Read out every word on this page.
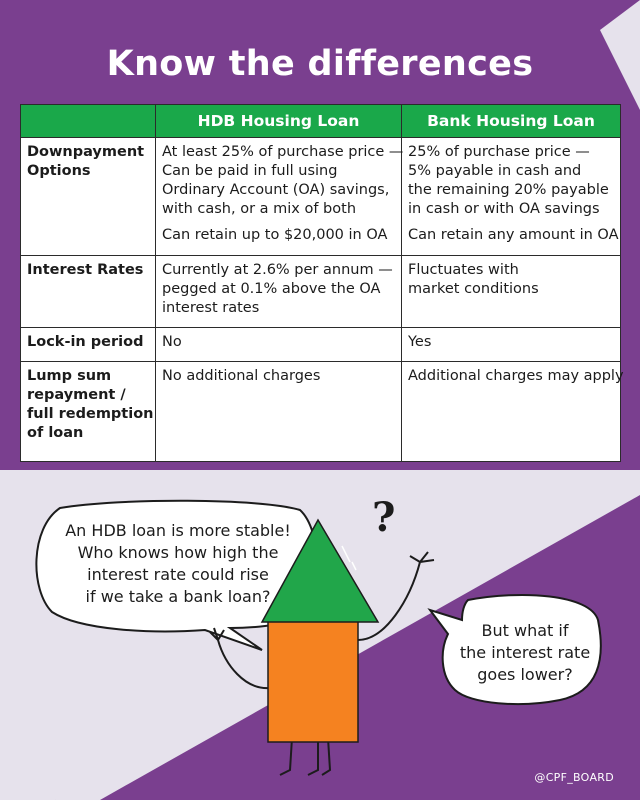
Know the differences
	HDB Housing Loan	Bank Housing Loan

Downpayment
Options	At least 25% of purchase price —
Can be paid in full using
Ordinary Account (OA) savings,
with cash, or a mix of both
Can retain up to $20,000 in OA	25% of purchase price —
5% payable in cash and
the remaining 20% payable
in cash or with OA savings
Can retain any amount in OA

Interest Rates	Currently at 2.6% per annum —
pegged at 0.1% above the OA
interest rates	Fluctuates with
market conditions

Lock-in period	No	Yes

Lump sum
repayment /
full redemption
of loan	No additional charges	Additional charges may apply
?
An HDB loan is more stable!
Who knows how high the
interest rate could rise
if we take a bank loan?
But what if
the interest rate
goes lower?
@CPF_BOARD
